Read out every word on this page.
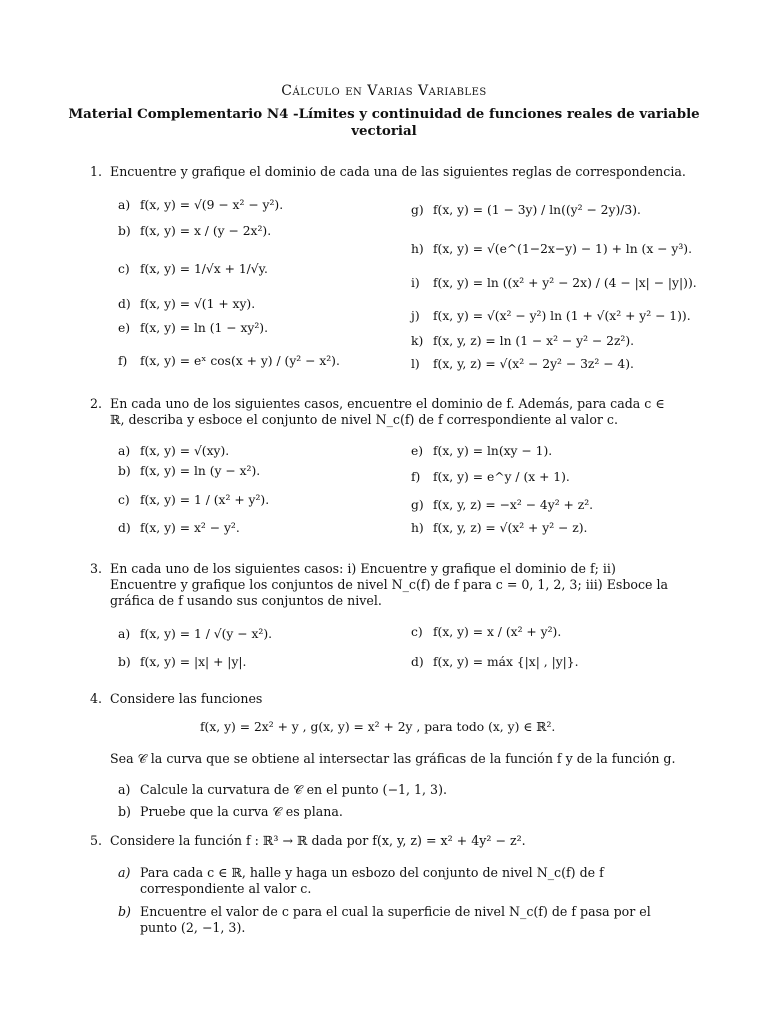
Cálculo en Varias Variables
Material Complementario N4 -Límites y continuidad de funciones reales de variable vectorial
1. Encuentre y grafique el dominio de cada una de las siguientes reglas de correspondencia.
a) f(x, y) = √(9 − x² − y²).
b) f(x, y) = x / (y − 2x²).
c) f(x, y) = 1/√x + 1/√y.
d) f(x, y) = √(1 + xy).
e) f(x, y) = ln (1 − xy²).
f) f(x, y) = eˣ cos(x + y) / (y² − x²).
g) f(x, y) = (1 − 3y) / ln((y² − 2y)/3).
h) f(x, y) = √(e^(1−2x−y) − 1) + ln (x − y³).
i) f(x, y) = ln ((x² + y² − 2x) / (4 − |x| − |y|)).
j) f(x, y) = √(x² − y²) ln (1 + √(x² + y² − 1)).
k) f(x, y, z) = ln (1 − x² − y² − 2z²).
l) f(x, y, z) = √(x² − 2y² − 3z² − 4).
2. En cada uno de los siguientes casos, encuentre el dominio de f. Además, para cada c ∈ ℝ, describa y esboce el conjunto de nivel N_c(f) de f correspondiente al valor c.
a) f(x, y) = √(xy).
b) f(x, y) = ln (y − x²).
c) f(x, y) = 1 / (x² + y²).
d) f(x, y) = x² − y².
e) f(x, y) = ln(xy − 1).
f) f(x, y) = e^y / (x + 1).
g) f(x, y, z) = −x² − 4y² + z².
h) f(x, y, z) = √(x² + y² − z).
3. En cada uno de los siguientes casos: i) Encuentre y grafique el dominio de f; ii) Encuentre y grafique los conjuntos de nivel N_c(f) de f para c = 0, 1, 2, 3; iii) Esboce la gráfica de f usando sus conjuntos de nivel.
a) f(x, y) = 1 / √(y − x²).
b) f(x, y) = |x| + |y|.
c) f(x, y) = x / (x² + y²).
d) f(x, y) = máx {|x| , |y|}.
4. Considere las funciones
f(x, y) = 2x² + y , g(x, y) = x² + 2y , para todo (x, y) ∈ ℝ².
Sea 𝒞 la curva que se obtiene al intersectar las gráficas de la función f y de la función g.
a) Calcule la curvatura de 𝒞 en el punto (−1, 1, 3).
b) Pruebe que la curva 𝒞 es plana.
5. Considere la función f : ℝ³ → ℝ dada por f(x, y, z) = x² + 4y² − z².
a) Para cada c ∈ ℝ, halle y haga un esbozo del conjunto de nivel N_c(f) de f correspondiente al valor c.
b) Encuentre el valor de c para el cual la superficie de nivel N_c(f) de f pasa por el punto (2, −1, 3).
